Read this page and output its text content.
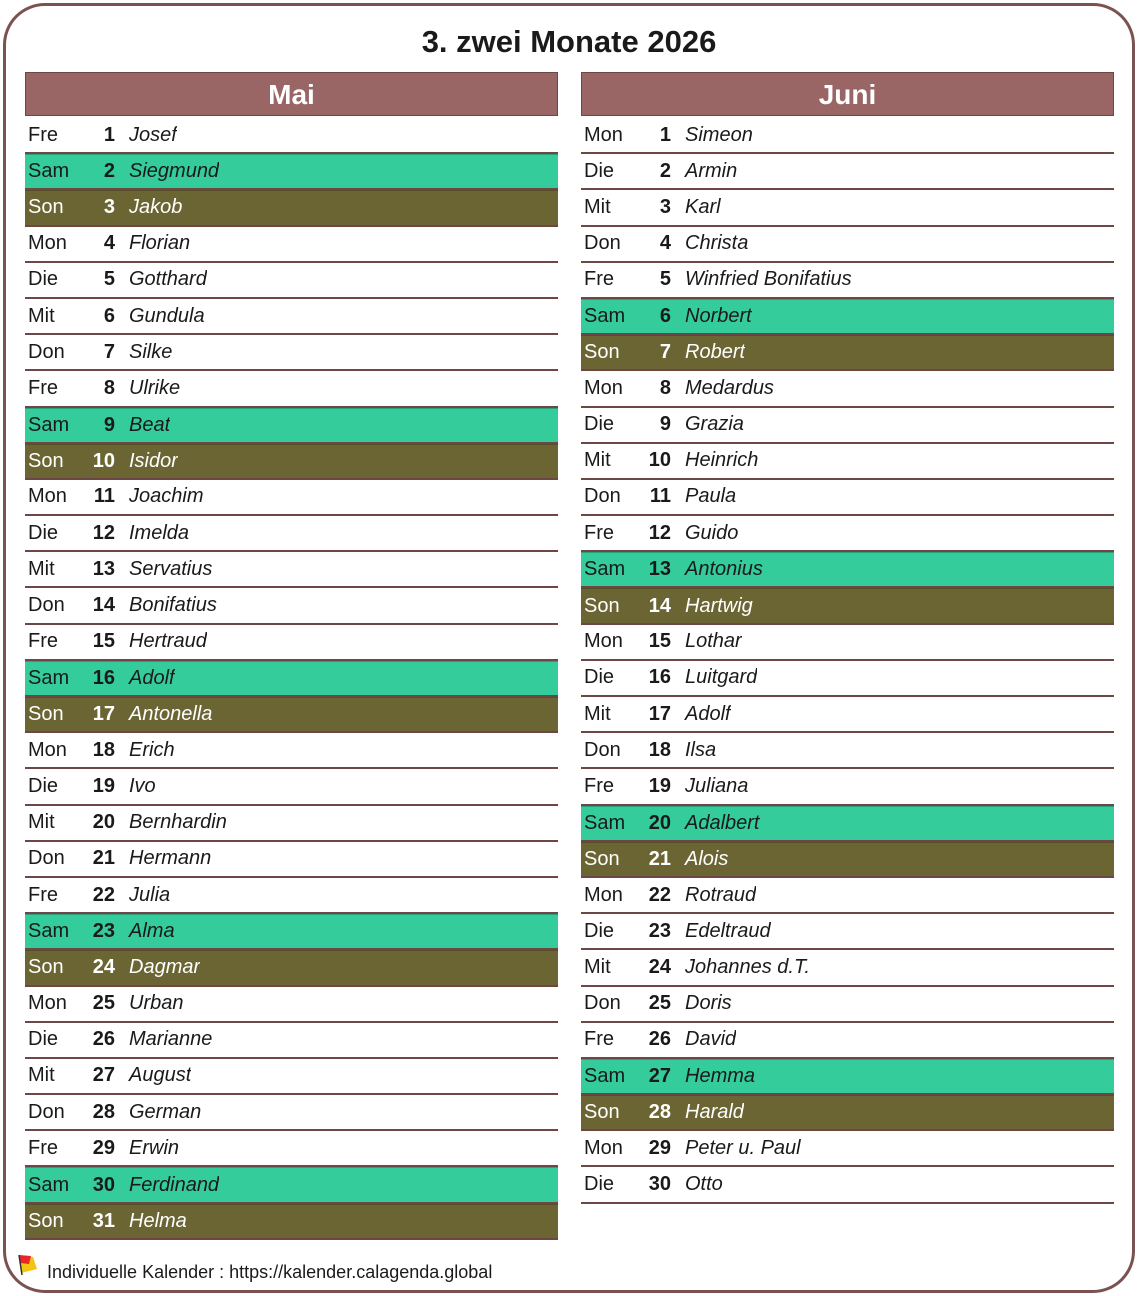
3. zwei Monate 2026
Mai
Fre	1 Josef
Sam	2 Siegmund
Son	3 Jakob
Mon	4 Florian
Die	5 Gotthard
Mit	6 Gundula
Don	7 Silke
Fre	8 Ulrike
Sam	9 Beat
Son	10 Isidor
Mon	11 Joachim
Die	12 Imelda
Mit	13 Servatius
Don	14 Bonifatius
Fre	15 Hertraud
Sam	16 Adolf
Son	17 Antonella
Mon	18 Erich
Die	19 Ivo
Mit	20 Bernhardin
Don	21 Hermann
Fre	22 Julia
Sam	23 Alma
Son	24 Dagmar
Mon	25 Urban
Die	26 Marianne
Mit	27 August
Don	28 German
Fre	29 Erwin
Sam	30 Ferdinand
Son	31 Helma
Juni
Mon	1 Simeon
Die	2 Armin
Mit	3 Karl
Don	4 Christa
Fre	5 Winfried Bonifatius
Sam	6 Norbert
Son	7 Robert
Mon	8 Medardus
Die	9 Grazia
Mit	10 Heinrich
Don	11 Paula
Fre	12 Guido
Sam	13 Antonius
Son	14 Hartwig
Mon	15 Lothar
Die	16 Luitgard
Mit	17 Adolf
Don	18 Ilsa
Fre	19 Juliana
Sam	20 Adalbert
Son	21 Alois
Mon	22 Rotraud
Die	23 Edeltraud
Mit	24 Johannes d.T.
Don	25 Doris
Fre	26 David
Sam	27 Hemma
Son	28 Harald
Mon	29 Peter u. Paul
Die	30 Otto
Individuelle Kalender : https://kalender.calagenda.global
